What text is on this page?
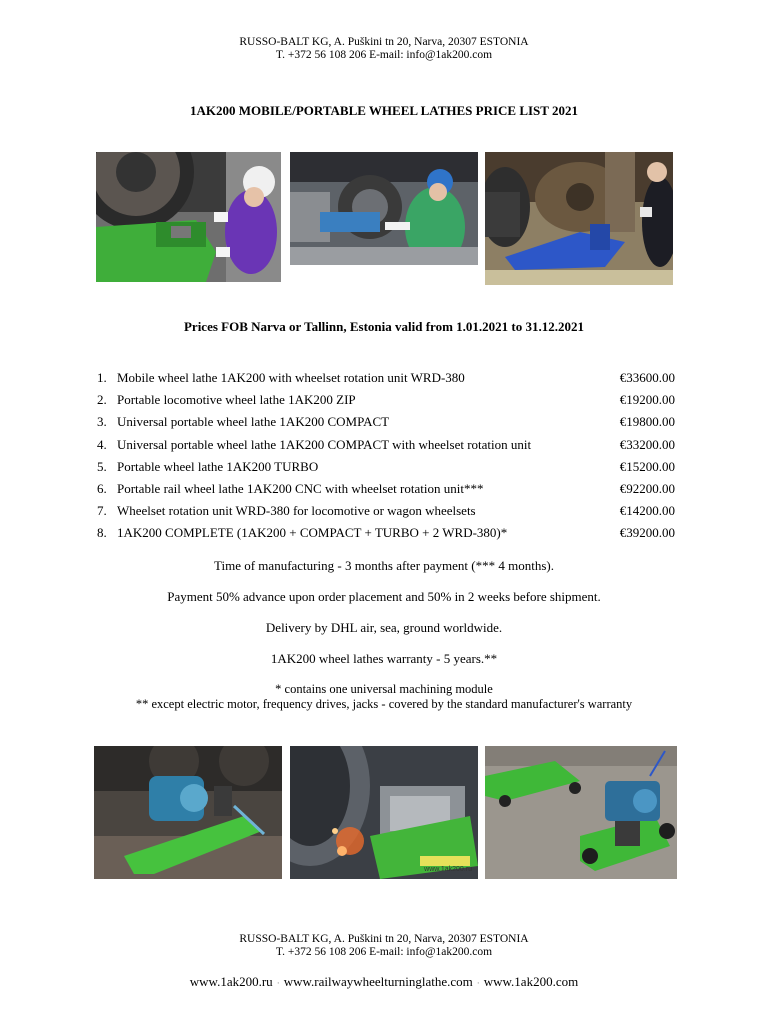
RUSSO-BALT KG, A. Puškini tn 20, Narva, 20307 ESTONIA
T. +372 56 108 206 E-mail: info@1ak200.com
1AK200 MOBILE/PORTABLE WHEEL LATHES PRICE LIST 2021
Prices FOB Narva or Tallinn, Estonia valid from 1.01.2021 to 31.12.2021
1. Mobile wheel lathe 1AK200 with wheelset rotation unit WRD-380	€33600.00
2. Portable locomotive wheel lathe 1AK200 ZIP	€19200.00
3. Universal portable wheel lathe 1AK200 COMPACT	€19800.00
4. Universal portable wheel lathe 1AK200 COMPACT with wheelset rotation unit	€33200.00
5. Portable wheel lathe 1AK200 TURBO	€15200.00
6. Portable rail wheel lathe 1AK200 CNC with wheelset rotation unit***	€92200.00
7. Wheelset rotation unit WRD-380 for locomotive or wagon wheelsets	€14200.00
8. 1AK200 COMPLETE (1AK200 + COMPACT + TURBO + 2 WRD-380)*	€39200.00
Time of manufacturing - 3 months after payment (*** 4 months).
Payment 50% advance upon order placement and 50% in 2 weeks before shipment.
Delivery by DHL air, sea, ground worldwide.
1AK200 wheel lathes warranty - 5 years.**
* contains one universal machining module
** except electric motor, frequency drives, jacks - covered by the standard manufacturer's warranty
www.1ak200.ru
RUSSO-BALT KG, A. Puškini tn 20, Narva, 20307 ESTONIA
T. +372 56 108 206 E-mail: info@1ak200.com
www.1ak200.ru · www.railwaywheelturninglathe.com · www.1ak200.com
